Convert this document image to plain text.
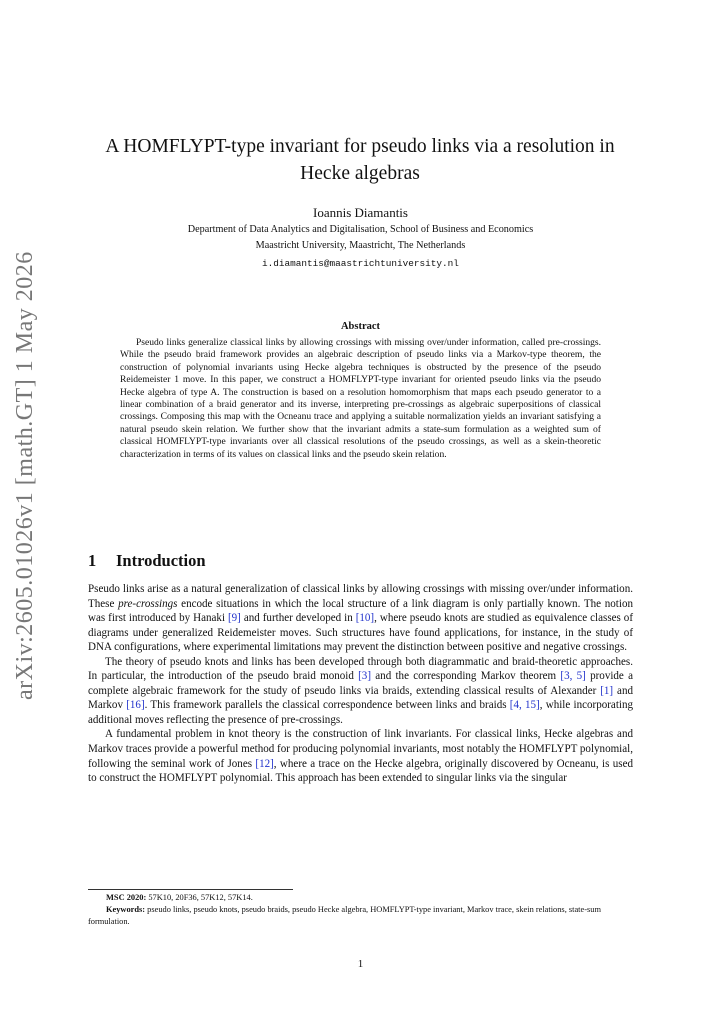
arXiv:2605.01026v1 [math.GT] 1 May 2026
A HOMFLYPT-type invariant for pseudo links via a resolution in
Hecke algebras
Ioannis Diamantis
Department of Data Analytics and Digitalisation, School of Business and Economics
Maastricht University, Maastricht, The Netherlands
i.diamantis@maastrichtuniversity.nl
Abstract

Pseudo links generalize classical links by allowing crossings with missing over/under information, called pre-crossings. While the pseudo braid framework provides an algebraic description of pseudo links via a Markov-type theorem, the construction of polynomial invariants using Hecke algebra techniques is obstructed by the presence of the pseudo Reidemeister 1 move. In this paper, we construct a HOMFLYPT-type invariant for oriented pseudo links via the pseudo Hecke algebra of type A. The construction is based on a resolution homomorphism that maps each pseudo generator to a linear combination of a braid generator and its inverse, interpreting pre-crossings as algebraic superpositions of classical crossings. Composing this map with the Ocneanu trace and applying a suitable normalization yields an invariant satisfying a natural pseudo skein relation. We further show that the invariant admits a state-sum formulation as a weighted sum of classical HOMFLYPT-type invariants over all classical resolutions of the pseudo crossings, as well as a skein-theoretic characterization in terms of its values on classical links and the pseudo skein relation.

1 Introduction

Pseudo links arise as a natural generalization of classical links by allowing crossings with missing over/under information. These pre-crossings encode situations in which the local structure of a link diagram is only partially known. The notion was first introduced by Hanaki [9] and further developed in [10], where pseudo knots are studied as equivalence classes of diagrams under generalized Reidemeister moves. Such structures have found applications, for instance, in the study of DNA configurations, where experimental limitations may prevent the distinction between positive and negative crossings.

The theory of pseudo knots and links has been developed through both diagrammatic and braid-theoretic approaches. In particular, the introduction of the pseudo braid monoid [3] and the corresponding Markov theorem [3, 5] provide a complete algebraic framework for the study of pseudo links via braids, extending classical results of Alexander [1] and Markov [16]. This framework parallels the classical correspondence between links and braids [4, 15], while incorporating additional moves reflecting the presence of pre-crossings.

A fundamental problem in knot theory is the construction of link invariants. For classical links, Hecke algebras and Markov traces provide a powerful method for producing polynomial invariants, most notably the HOMFLYPT polynomial, following the seminal work of Jones [12], where a trace on the Hecke algebra, originally discovered by Ocneanu, is used to construct the HOMFLYPT polynomial. This approach has been extended to singular links via the singular

MSC 2020: 57K10, 20F36, 57K12, 57K14.
Keywords: pseudo links, pseudo knots, pseudo braids, pseudo Hecke algebra, HOMFLYPT-type invariant, Markov trace, skein relations, state-sum formulation.
1
